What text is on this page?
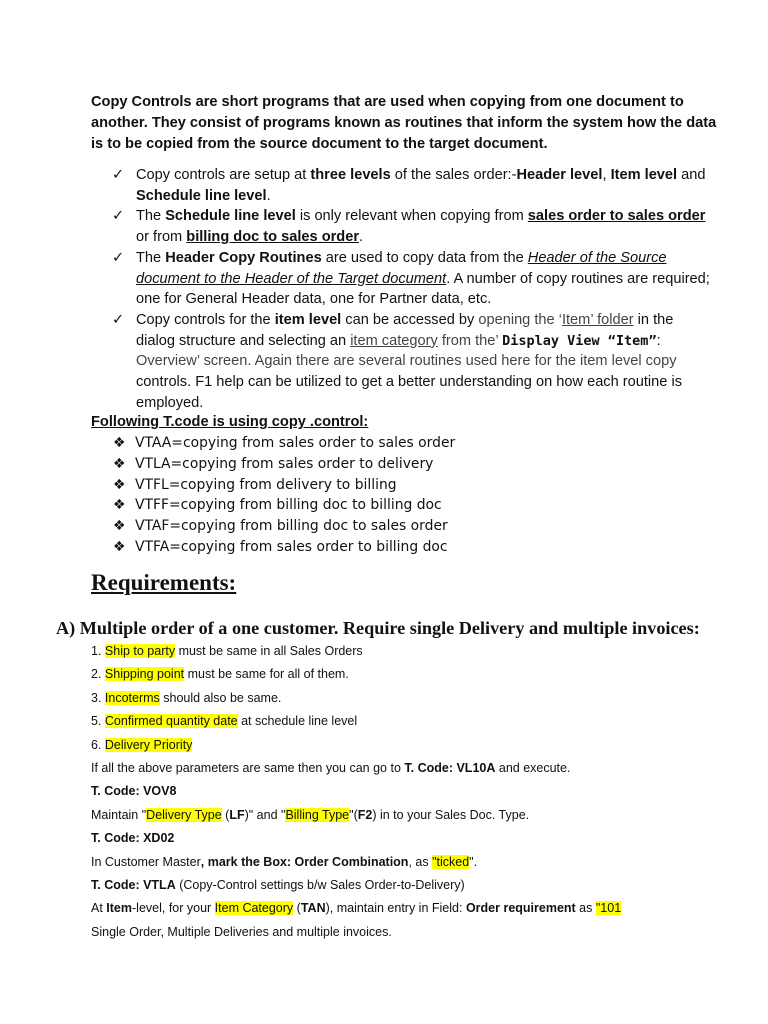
Copy Controls are short programs that are used when copying from one document to another. They consist of programs known as routines that inform the system how the data is to be copied from the source document to the target document.
✓ Copy controls are setup at three levels of the sales order:-Header level, Item level and Schedule line level.
✓ The Schedule line level is only relevant when copying from sales order to sales order or from billing doc to sales order.
✓ The Header Copy Routines are used to copy data from the Header of the Source document to the Header of the Target document. A number of copy routines are required; one for General Header data, one for Partner data, etc.
✓ Copy controls for the item level can be accessed by opening the ‘Item’ folder in the dialog structure and selecting an item category from the’ Display View “Item”: Overview’ screen. Again there are several routines used here for the item level copy controls. F1 help can be utilized to get a better understanding on how each routine is employed.
Following T.code is using copy .control:
❖ VTAA=copying from sales order to sales order
❖ VTLA=copying from sales order to delivery
❖ VTFL=copying from delivery to billing
❖ VTFF=copying from billing doc to billing doc
❖ VTAF=copying from billing doc to sales order
❖ VTFA=copying from sales order to billing doc
Requirements:
A) Multiple order of a one customer. Require single Delivery and multiple invoices:
1. Ship to party must be same in all Sales Orders
2. Shipping point must be same for all of them.
3. Incoterms should also be same.
5. Confirmed quantity date at schedule line level
6. Delivery Priority
If all the above parameters are same then you can go to T. Code: VL10A and execute.
T. Code: VOV8
Maintain "Delivery Type (LF)" and "Billing Type"(F2) in to your Sales Doc. Type.
T. Code: XD02
In Customer Master, mark the Box: Order Combination, as "ticked".
T. Code: VTLA (Copy-Control settings b/w Sales Order-to-Delivery)
At Item-level, for your Item Category (TAN), maintain entry in Field: Order requirement as "101
Single Order, Multiple Deliveries and multiple invoices.
